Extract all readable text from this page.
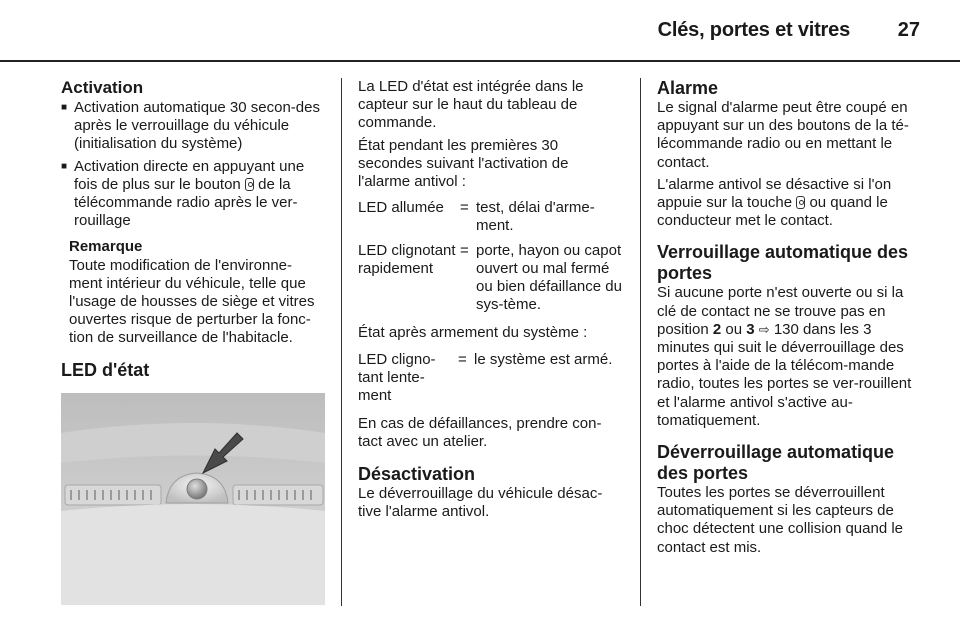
Clés, portes et vitres 27
Activation
■ Activation automatique 30 secon-des après le verrouillage du véhicule (initialisation du système)
■ Activation directe en appuyant une fois de plus sur le bouton de la télécommande radio après le ver-rouillage
Remarque
Toute modification de l'environne-ment intérieur du véhicule, telle que l'usage de housses de siège et vitres ouvertes risque de perturber la fonc-tion de surveillance de l'habitacle.
LED d'état
La LED d'état est intégrée dans le capteur sur le haut du tableau de commande.
État pendant les premières 30 secondes suivant l'activation de l'alarme antivol :
LED allumée	=	test, délai d'arme-ment.
LED clignotant rapidement	=	porte, hayon ou capot ouvert ou mal fermé ou bien défaillance du sys-tème.
État après armement du système :
LED cligno-tant lente-ment	=	le système est armé.
En cas de défaillances, prendre con-tact avec un atelier.
Désactivation
Le déverrouillage du véhicule désac-tive l'alarme antivol.
Alarme
Le signal d'alarme peut être coupé en appuyant sur un des boutons de la té-lécommande radio ou en mettant le contact.
L'alarme antivol se désactive si l'on appuie sur la touche ou quand le conducteur met le contact.
Verrouillage automatique des portes
Si aucune porte n'est ouverte ou si la clé de contact ne se trouve pas en position 2 ou 3 ⇨ 130 dans les 3 minutes qui suit le déverrouillage des portes à l'aide de la télécom-mande radio, toutes les portes se ver-rouillent et l'alarme antivol s'active au-tomatiquement.
Déverrouillage automatique des portes
Toutes les portes se déverrouillent automatiquement si les capteurs de choc détectent une collision quand le contact est mis.
